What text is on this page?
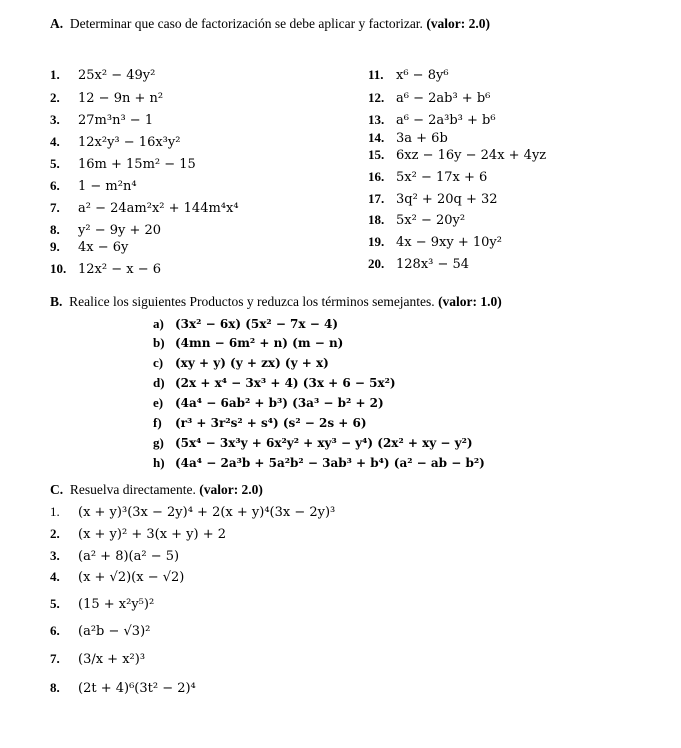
A. Determinar que caso de factorización se debe aplicar y factorizar. (valor: 2.0)
1. 25x² − 49y²
2. 12 − 9n + n²
3. 27m³n³ − 1
4. 12x²y³ − 16x³y²
5. 16m + 15m² − 15
6. 1 − m²n⁴
7. a² − 24am²x² + 144m⁴x⁴
8. y² − 9y + 20
9. 4x − 6y
10. 12x² − x − 6
11. x⁶ − 8y⁶
12. a⁶ − 2ab³ + b⁶
13. a⁶ − 2a³b³ + b⁶
14. 3a + 6b
15. 6xz − 16y − 24x + 4yz
16. 5x² − 17x + 6
17. 3q² + 20q + 32
18. 5x² − 20y²
19. 4x − 9xy + 10y²
20. 128x³ − 54
B. Realice los siguientes Productos y reduzca los términos semejantes. (valor: 1.0)
a) (3x² − 6x) (5x² − 7x − 4)
b) (4mn − 6m² + n) (m − n)
c) (xy + y) (y + zx) (y + x)
d) (2x + x⁴ − 3x³ + 4) (3x + 6 − 5x²)
e) (4a⁴ − 6ab² + b³) (3a³ − b² + 2)
f) (r³ + 3r²s² + s⁴) (s² − 2s + 6)
g) (5x⁴ − 3x³y + 6x²y² + xy³ − y⁴) (2x² + xy − y²)
h) (4a⁴ − 2a³b + 5a²b² − 3ab³ + b⁴) (a² − ab − b²)
C. Resuelva directamente. (valor: 2.0)
1. (x + y)³(3x − 2y)⁴ + 2(x + y)⁴(3x − 2y)³
2. (x + y)² + 3(x + y) + 2
3. (a² + 8)(a² − 5)
4. (x + √2)(x − √2)
5. (15 + x²y⁵)²
6. (a²b − √3)²
7. (3/x + x²)³
8. (2t + 4)⁶(3t² − 2)⁴
